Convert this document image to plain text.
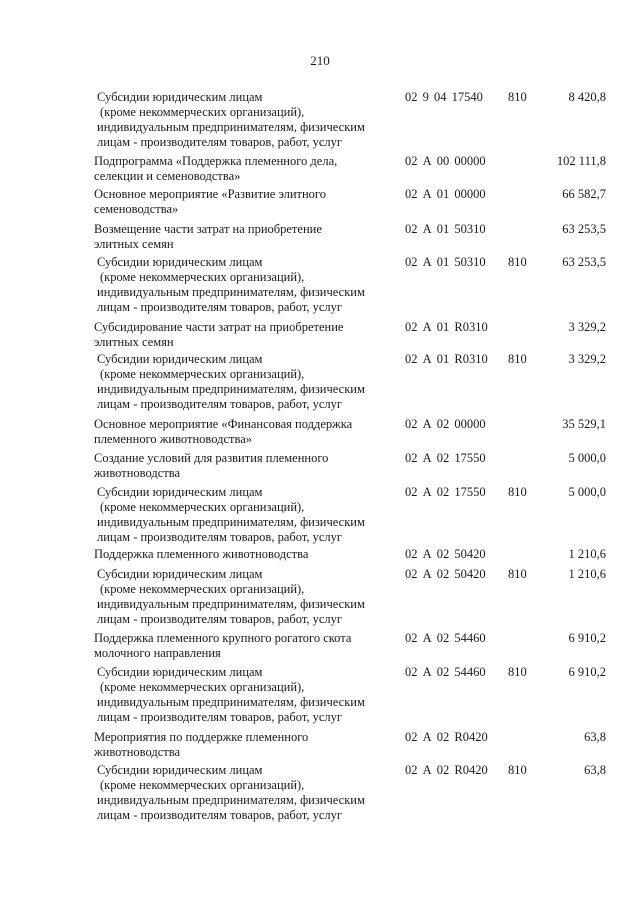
210
Субсидии юридическим лицам
(кроме некоммерческих организаций),
индивидуальным предпринимателям, физическим
лицам - производителям товаров, работ, услуг
02 9 04 17540 810	8 420,8
Подпрограмма «Поддержка племенного дела,
селекции и семеноводства»
02 А 00 00000	102 111,8
Основное мероприятие «Развитие элитного
семеноводства»
02 А 01 00000	66 582,7
Возмещение части затрат на приобретение
элитных семян
02 А 01 50310	63 253,5
Субсидии юридическим лицам
(кроме некоммерческих организаций),
индивидуальным предпринимателям, физическим
лицам - производителям товаров, работ, услуг
02 А 01 50310 810	63 253,5
Субсидирование части затрат на приобретение
элитных семян
02 А 01 R0310	3 329,2
Субсидии юридическим лицам
(кроме некоммерческих организаций),
индивидуальным предпринимателям, физическим
лицам - производителям товаров, работ, услуг
02 А 01 R0310 810	3 329,2
Основное мероприятие «Финансовая поддержка
племенного животноводства»
02 А 02 00000	35 529,1
Создание условий для развития племенного
животноводства
02 А 02 17550	5 000,0
Субсидии юридическим лицам
(кроме некоммерческих организаций),
индивидуальным предпринимателям, физическим
лицам - производителям товаров, работ, услуг
02 А 02 17550 810	5 000,0
Поддержка племенного животноводства	02 А 02 50420	1 210,6
Субсидии юридическим лицам
(кроме некоммерческих организаций),
индивидуальным предпринимателям, физическим
лицам - производителям товаров, работ, услуг
02 А 02 50420 810	1 210,6
Поддержка племенного крупного рогатого скота
молочного направления
02 А 02 54460	6 910,2
Субсидии юридическим лицам
(кроме некоммерческих организаций),
индивидуальным предпринимателям, физическим
лицам - производителям товаров, работ, услуг
02 А 02 54460 810	6 910,2
Мероприятия по поддержке племенного
животноводства
02 А 02 R0420	63,8
Субсидии юридическим лицам
(кроме некоммерческих организаций),
индивидуальным предпринимателям, физическим
лицам - производителям товаров, работ, услуг
02 А 02 R0420 810	63,8
